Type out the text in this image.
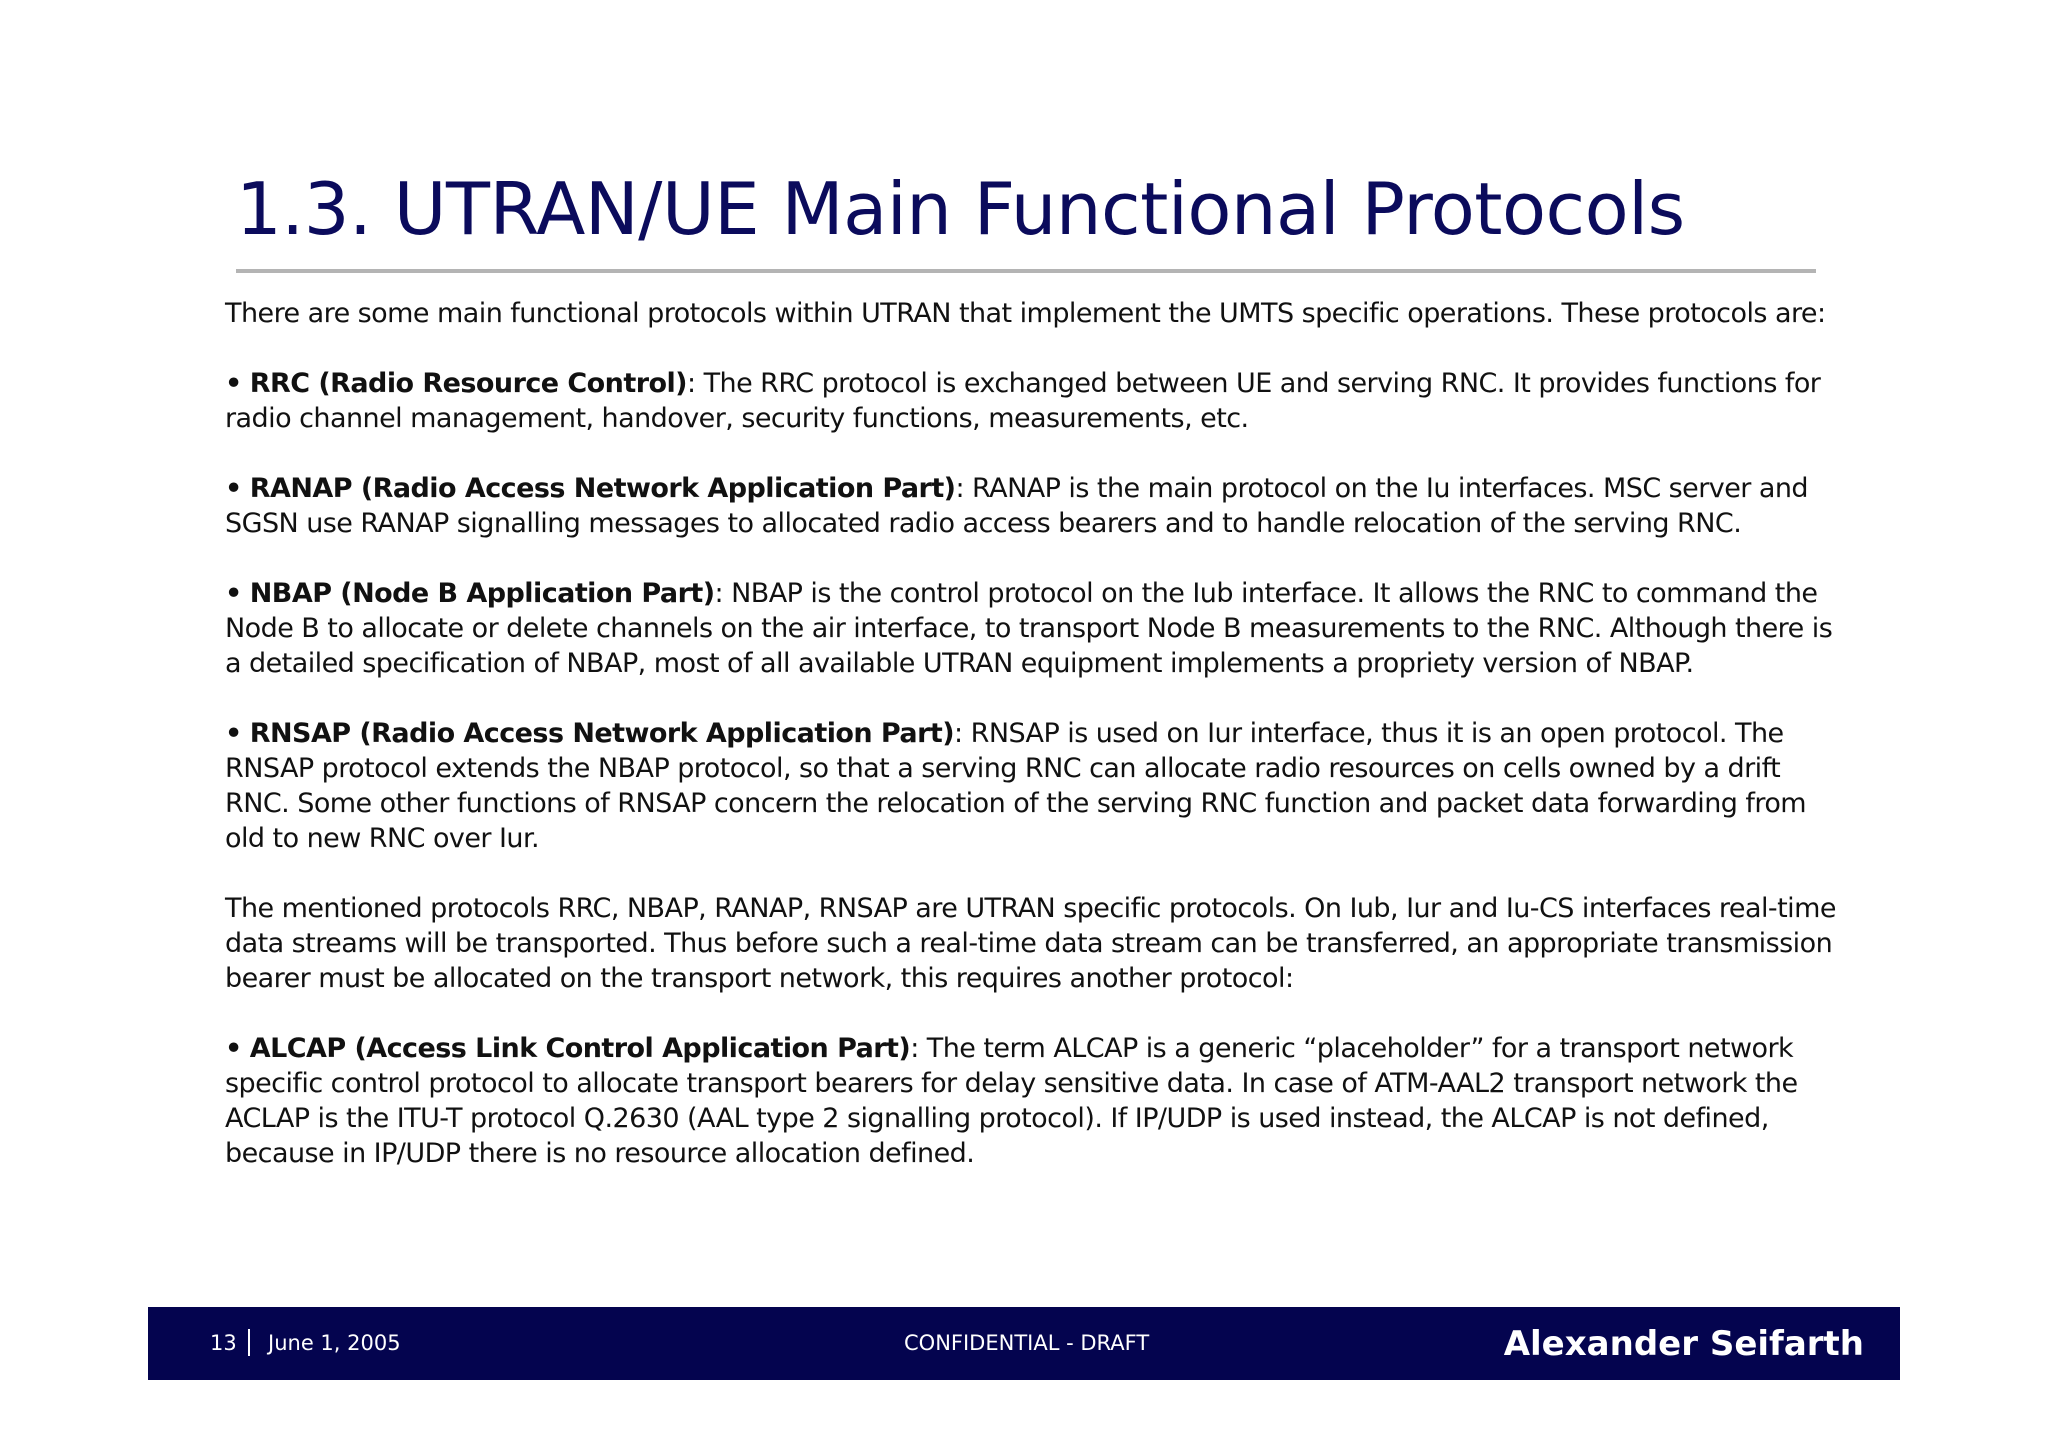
1.3. UTRAN/UE Main Functional Protocols

There are some main functional protocols within UTRAN that implement the UMTS specific operations. These protocols are:

• RRC (Radio Resource Control): The RRC protocol is exchanged between UE and serving RNC. It provides functions for radio channel management, handover, security functions, measurements, etc.

• RANAP (Radio Access Network Application Part): RANAP is the main protocol on the Iu interfaces. MSC server and SGSN use RANAP signalling messages to allocated radio access bearers and to handle relocation of the serving RNC.

• NBAP (Node B Application Part): NBAP is the control protocol on the Iub interface. It allows the RNC to command the Node B to allocate or delete channels on the air interface, to transport Node B measurements to the RNC. Although there is a detailed specification of NBAP, most of all available UTRAN equipment implements a propriety version of NBAP.

• RNSAP (Radio Access Network Application Part): RNSAP is used on Iur interface, thus it is an open protocol. The RNSAP protocol extends the NBAP protocol, so that a serving RNC can allocate radio resources on cells owned by a drift RNC. Some other functions of RNSAP concern the relocation of the serving RNC function and packet data forwarding from old to new RNC over Iur.

The mentioned protocols RRC, NBAP, RANAP, RNSAP are UTRAN specific protocols. On Iub, Iur and Iu-CS interfaces real-time data streams will be transported. Thus before such a real-time data stream can be transferred, an appropriate transmission bearer must be allocated on the transport network, this requires another protocol:

• ALCAP (Access Link Control Application Part): The term ALCAP is a generic “placeholder” for a transport network specific control protocol to allocate transport bearers for delay sensitive data. In case of ATM-AAL2 transport network the ACLAP is the ITU-T protocol Q.2630 (AAL type 2 signalling protocol). If IP/UDP is used instead, the ALCAP is not defined, because in IP/UDP there is no resource allocation defined.

13 June 1, 2005	CONFIDENTIAL - DRAFT	Alexander Seifarth
